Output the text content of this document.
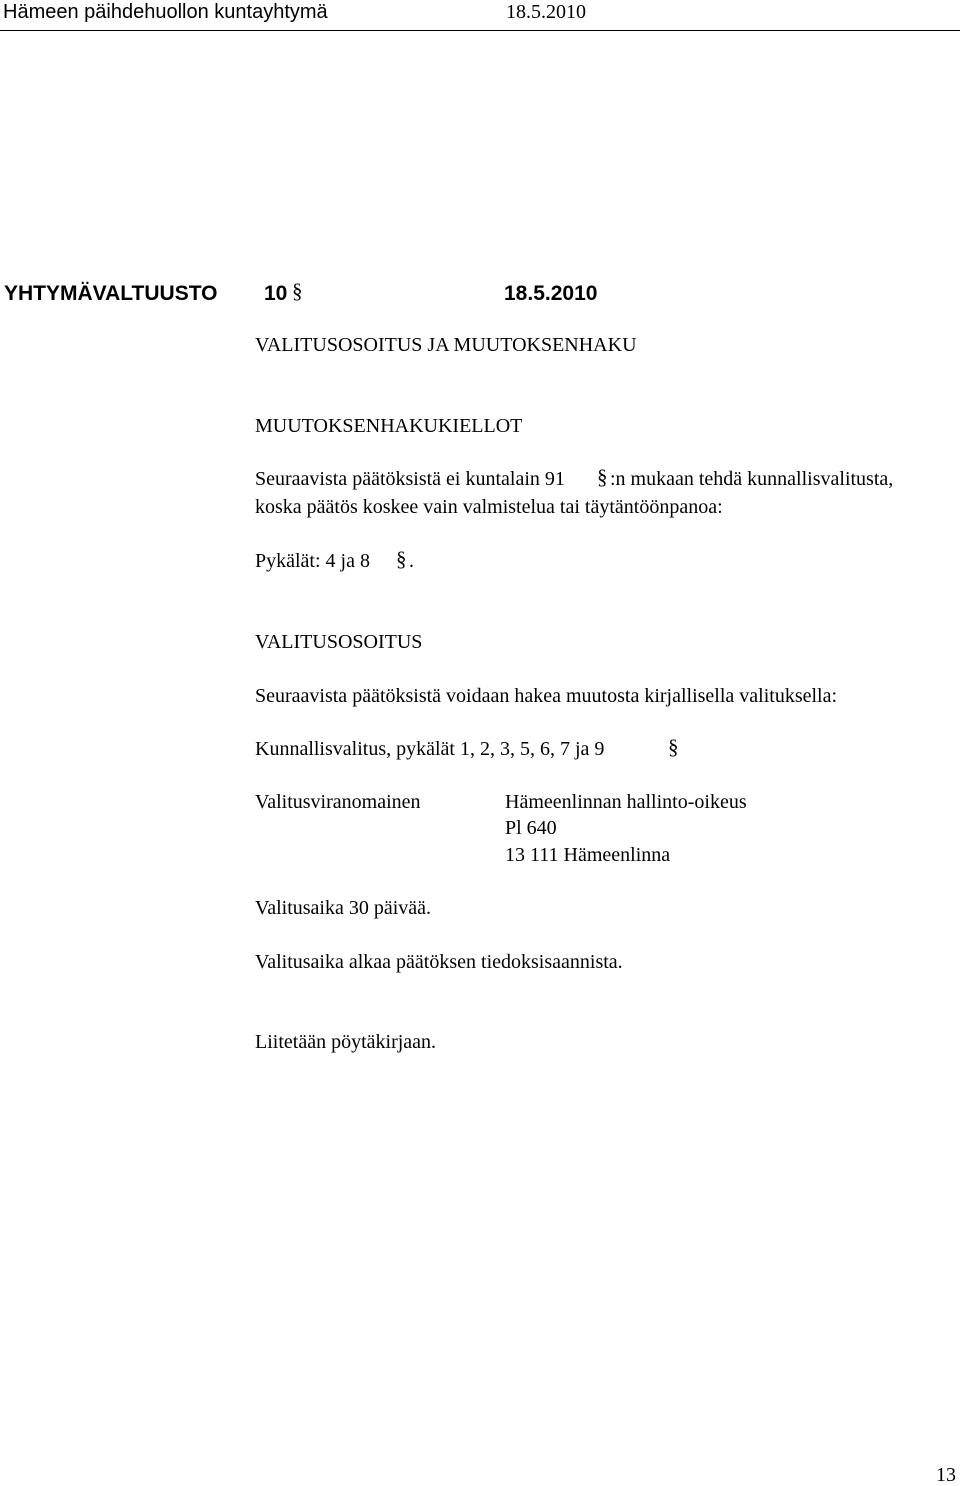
Hämeen päihdehuollon kuntayhtymä	18.5.2010
YHTYMÄVALTUUSTO 10 §	18.5.2010
VALITUSOSOITUS JA MUUTOKSENHAKU
MUUTOKSENHAKUKIELLOT
Seuraavista päätöksistä ei kuntalain 91 § :n mukaan tehdä kunnallisvalitusta,
koska päätös koskee vain valmistelua tai täytäntöönpanoa:
Pykälät: 4 ja 8 § .
VALITUSOSOITUS
Seuraavista päätöksistä voidaan hakea muutosta kirjallisella valituksella:
Kunnallisvalitus, pykälät 1, 2, 3, 5, 6, 7 ja 9	§
Valitusviranomainen	Hämeenlinnan hallinto-oikeus
Pl 640
13 111 Hämeenlinna
Valitusaika 30 päivää.
Valitusaika alkaa päätöksen tiedoksisaannista.
Liitetään pöytäkirjaan.
13
